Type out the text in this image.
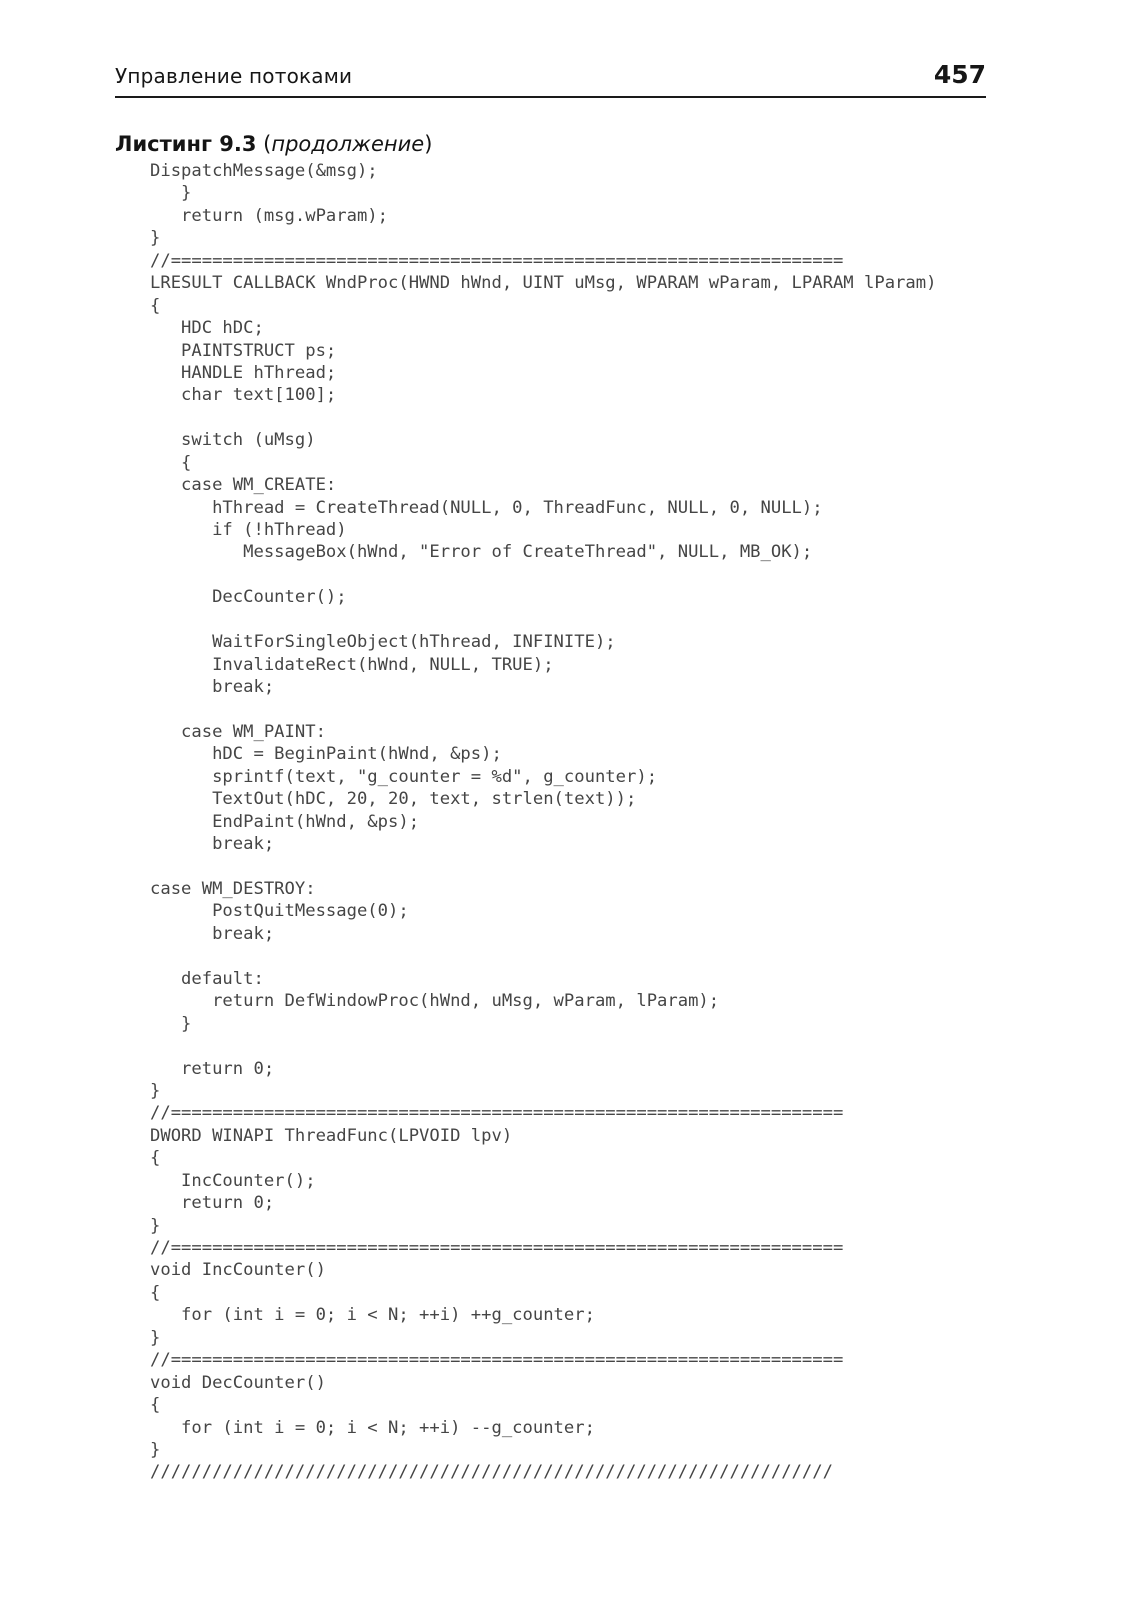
Управление потоками	457
Листинг 9.3 (продолжение)
DispatchMessage(&msg);
}
return (msg.wParam);
}
//=================================================================
LRESULT CALLBACK WndProc(HWND hWnd, UINT uMsg, WPARAM wParam, LPARAM lParam)
{
HDC hDC;
PAINTSTRUCT ps;
HANDLE hThread;
char text[100];
switch (uMsg)
{
case WM_CREATE:
hThread = CreateThread(NULL, 0, ThreadFunc, NULL, 0, NULL);
if (!hThread)
MessageBox(hWnd, "Error of CreateThread", NULL, MB_OK);
DecCounter();
WaitForSingleObject(hThread, INFINITE);
InvalidateRect(hWnd, NULL, TRUE);
break;
case WM_PAINT:
hDC = BeginPaint(hWnd, &ps);
sprintf(text, "g_counter = %d", g_counter);
TextOut(hDC, 20, 20, text, strlen(text));
EndPaint(hWnd, &ps);
break;
case WM_DESTROY:
PostQuitMessage(0);
break;
default:
return DefWindowProc(hWnd, uMsg, wParam, lParam);
}
return 0;
}
//=================================================================
DWORD WINAPI ThreadFunc(LPVOID lpv)
{
IncCounter();
return 0;
}
//=================================================================
void IncCounter()
{
for (int i = 0; i < N; ++i) ++g_counter;
}
//=================================================================
void DecCounter()
{
for (int i = 0; i < N; ++i) --g_counter;
}
//////////////////////////////////////////////////////////////////
